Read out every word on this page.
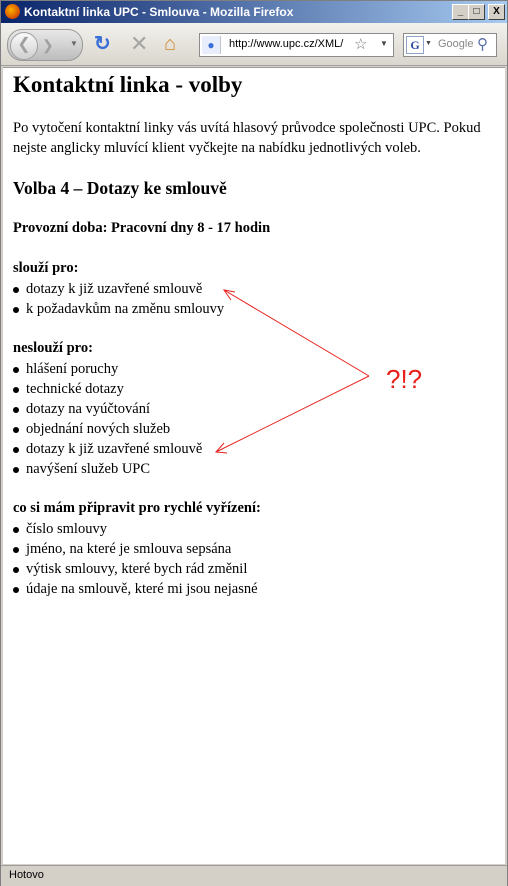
Kontaktní linka UPC - Smlouva - Mozilla Firefox	_	□	X
❮ ❯ ▼ ↻ ✕ ⌂	●	http://www.upc.cz/XML/ ☆ ▼	G ▼ Google ⚲
Kontaktní linka - volby

Po vytočení kontaktní linky vás uvítá hlasový průvodce společnosti UPC. Pokud nejste anglicky mluvící klient vyčkejte na nabídku jednotlivých voleb.

Volba 4 – Dotazy ke smlouvě

Provozní doba: Pracovní dny 8 - 17 hodin

slouží pro:

dotazy k již uzavřené smlouvě
k požadavkům na změnu smlouvy

neslouží pro:

hlášení poruchy
technické dotazy
dotazy na vyúčtování
objednání nových služeb
dotazy k již uzavřené smlouvě
navýšení služeb UPC

co si mám připravit pro rychlé vyřízení:

číslo smlouvy
jméno, na které je smlouva sepsána
výtisk smlouvy, které bych rád změnil
údaje na smlouvě, které mi jsou nejasné
?!?
Hotovo
